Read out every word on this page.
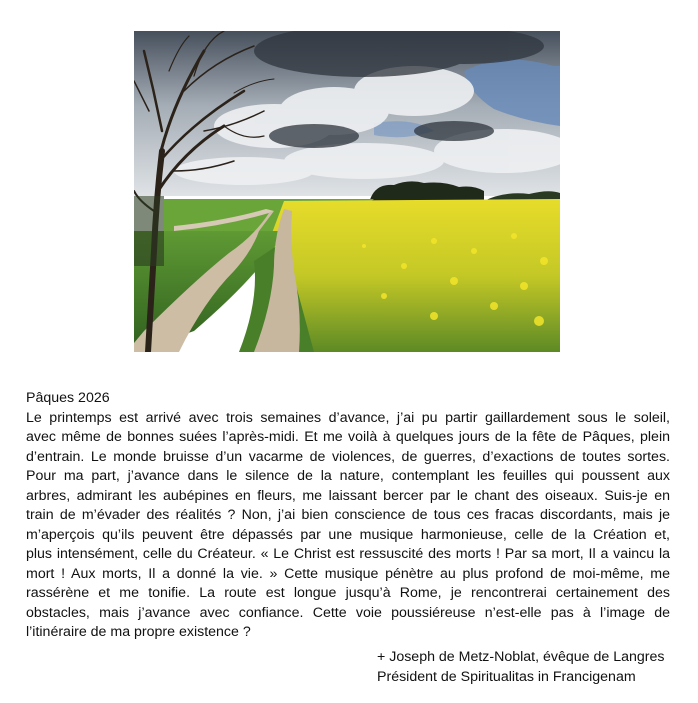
Pâques 2026
Le printemps est arrivé avec trois semaines d’avance, j’ai pu partir gaillardement sous le soleil,
avec même de bonnes suées l’après-midi. Et me voilà à quelques jours de la fête de Pâques, plein
d’entrain. Le monde bruisse d’un vacarme de violences, de guerres, d’exactions de toutes sortes.
Pour ma part, j’avance dans le silence de la nature, contemplant les feuilles qui poussent aux
arbres, admirant les aubépines en fleurs, me laissant bercer par le chant des oiseaux. Suis-je en
train de m’évader des réalités ? Non, j’ai bien conscience de tous ces fracas discordants, mais je
m’aperçois qu’ils peuvent être dépassés par une musique harmonieuse, celle de la Création et,
plus intensément, celle du Créateur. « Le Christ est ressuscité des morts ! Par sa mort, Il a vaincu la
mort ! Aux morts, Il a donné la vie. » Cette musique pénètre au plus profond de moi-même, me
rassérène et me tonifie. La route est longue jusqu’à Rome, je rencontrerai certainement des
obstacles, mais j’avance avec confiance. Cette voie poussiéreuse n’est-elle pas à l’image de
l’itinéraire de ma propre existence ?
+ Joseph de Metz-Noblat, évêque de Langres
Président de Spiritualitas in Francigenam
